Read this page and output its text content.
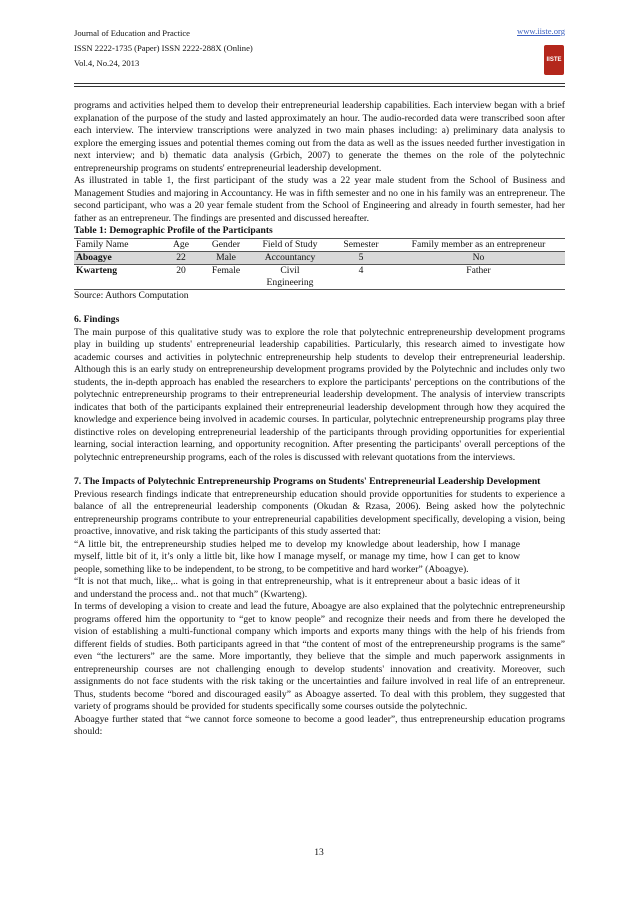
Journal of Education and Practice
ISSN 2222-1735 (Paper) ISSN 2222-288X (Online)
Vol.4, No.24, 2013
www.iiste.org
IISTE

programs and activities helped them to develop their entrepreneurial leadership capabilities. Each interview began with a brief explanation of the purpose of the study and lasted approximately an hour. The audio-recorded data were transcribed soon after each interview. The interview transcriptions were analyzed in two main phases including: a) preliminary data analysis to explore the emerging issues and potential themes coming out from the data as well as the issues needed further investigation in next interview; and b) thematic data analysis (Grbich, 2007) to generate the themes on the role of the polytechnic entrepreneurship programs on students' entrepreneurial leadership development.

As illustrated in table 1, the first participant of the study was a 22 year male student from the School of Business and Management Studies and majoring in Accountancy. He was in fifth semester and no one in his family was an entrepreneur. The second participant, who was a 20 year female student from the School of Engineering and already in fourth semester, had her father as an entrepreneur. The findings are presented and discussed hereafter.

Table 1: Demographic Profile of the Participants

Family Name	Age	Gender	Field of Study	Semester	Family member as an entrepreneur
Aboagye	22	Male	Accountancy	5	No
Kwarteng	20	Female	Civil Engineering	4	Father

Source: Authors Computation

6. Findings

The main purpose of this qualitative study was to explore the role that polytechnic entrepreneurship development programs play in building up students' entrepreneurial leadership capabilities. Particularly, this research aimed to investigate how academic courses and activities in polytechnic entrepreneurship help students to develop their entrepreneurial leadership. Although this is an early study on entrepreneurship development programs provided by the Polytechnic and includes only two students, the in-depth approach has enabled the researchers to explore the participants' perceptions on the contributions of the polytechnic entrepreneurship programs to their entrepreneurial leadership development. The analysis of interview transcripts indicates that both of the participants explained their entrepreneurial leadership development through how they acquired the knowledge and experience being involved in academic courses. In particular, polytechnic entrepreneurship programs play three distinctive roles on developing entrepreneurial leadership of the participants through providing opportunities for experiential learning, social interaction learning, and opportunity recognition. After presenting the participants' overall perceptions of the polytechnic entrepreneurship programs, each of the roles is discussed with relevant quotations from the interviews.

7. The Impacts of Polytechnic Entrepreneurship Programs on Students' Entrepreneurial Leadership Development

Previous research findings indicate that entrepreneurship education should provide opportunities for students to experience a balance of all the entrepreneurial leadership components (Okudan & Rzasa, 2006). Being asked how the polytechnic entrepreneurship programs contribute to your entrepreneurial capabilities development specifically, developing a vision, being proactive, innovative, and risk taking the participants of this study asserted that:

“A little bit, the entrepreneurship studies helped me to develop my knowledge about leadership, how I manage myself, little bit of it, it’s only a little bit, like how I manage myself, or manage my time, how I can get to know people, something like to be independent, to be strong, to be competitive and hard worker” (Aboagye).

“It is not that much, like,.. what is going in that entrepreneurship, what is it entrepreneur about a basic ideas of it and understand the process and.. not that much” (Kwarteng).

In terms of developing a vision to create and lead the future, Aboagye are also explained that the polytechnic entrepreneurship programs offered him the opportunity to “get to know people” and recognize their needs and from there he developed the vision of establishing a multi-functional company which imports and exports many things with the help of his friends from different fields of studies. Both participants agreed in that “the content of most of the entrepreneurship programs is the same” even “the lecturers” are the same. More importantly, they believe that the simple and much paperwork assignments in entrepreneurship courses are not challenging enough to develop students' innovation and creativity. Moreover, such assignments do not face students with the risk taking or the uncertainties and failure involved in real life of an entrepreneur. Thus, students become “bored and discouraged easily” as Aboagye asserted. To deal with this problem, they suggested that variety of programs should be provided for students specifically some courses outside the polytechnic.

Aboagye further stated that “we cannot force someone to become a good leader”, thus entrepreneurship education programs should:

13
